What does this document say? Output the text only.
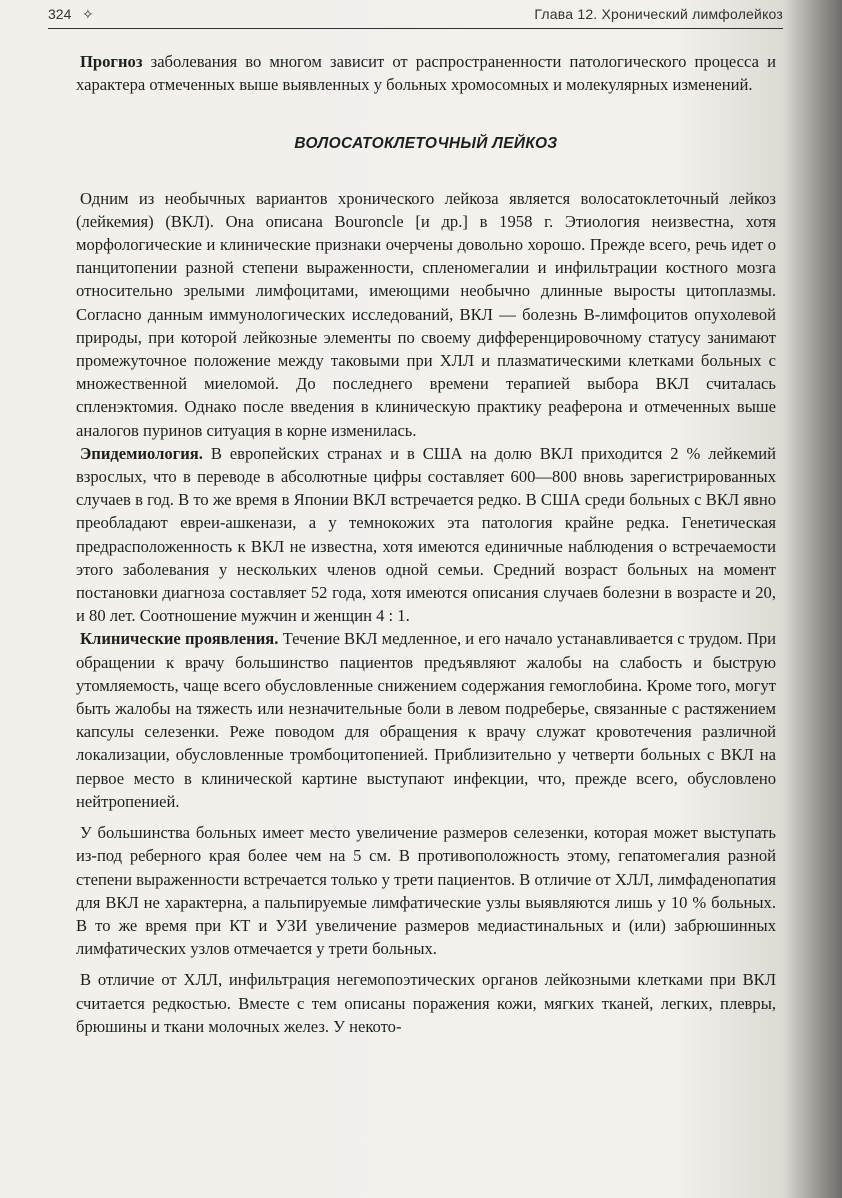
324 ✧	Глава 12. Хронический лимфолейкоз

Прогноз заболевания во многом зависит от распространенности патологического процесса и характера отмеченных выше выявленных у больных хромосомных и молекулярных изменений.

ВОЛОСАТОКЛЕТОЧНЫЙ ЛЕЙКОЗ

Одним из необычных вариантов хронического лейкоза является волосатоклеточный лейкоз (лейкемия) (ВКЛ). Она описана Bouroncle [и др.] в 1958 г. Этиология неизвестна, хотя морфологические и клинические признаки очерчены довольно хорошо. Прежде всего, речь идет о панцитопении разной степени выраженности, спленомегалии и инфильтрации костного мозга относительно зрелыми лимфоцитами, имеющими необычно длинные выросты цитоплазмы. Согласно данным иммунологических исследований, ВКЛ — болезнь В-лимфоцитов опухолевой природы, при которой лейкозные элементы по своему дифференцировочному статусу занимают промежуточное положение между таковыми при ХЛЛ и плазматическими клетками больных с множественной миеломой. До последнего времени терапией выбора ВКЛ считалась спленэктомия. Однако после введения в клиническую практику реаферона и отмеченных выше аналогов пуринов ситуация в корне изменилась.

Эпидемиология. В европейских странах и в США на долю ВКЛ приходится 2 % лейкемий взрослых, что в переводе в абсолютные цифры составляет 600—800 вновь зарегистрированных случаев в год. В то же время в Японии ВКЛ встречается редко. В США среди больных с ВКЛ явно преобладают евреи-ашкенази, а у темнокожих эта патология крайне редка. Генетическая предрасположенность к ВКЛ не известна, хотя имеются единичные наблюдения о встречаемости этого заболевания у нескольких членов одной семьи. Средний возраст больных на момент постановки диагноза составляет 52 года, хотя имеются описания случаев болезни в возрасте и 20, и 80 лет. Соотношение мужчин и женщин 4 : 1.

Клинические проявления. Течение ВКЛ медленное, и его начало устанавливается с трудом. При обращении к врачу большинство пациентов предъявляют жалобы на слабость и быструю утомляемость, чаще всего обусловленные снижением содержания гемоглобина. Кроме того, могут быть жалобы на тяжесть или незначительные боли в левом подреберье, связанные с растяжением капсулы селезенки. Реже поводом для обращения к врачу служат кровотечения различной локализации, обусловленные тромбоцитопенией. Приблизительно у четверти больных с ВКЛ на первое место в клинической картине выступают инфекции, что, прежде всего, обусловлено нейтропенией.

У большинства больных имеет место увеличение размеров селезенки, которая может выступать из-под реберного края более чем на 5 см. В противоположность этому, гепатомегалия разной степени выраженности встречается только у трети пациентов. В отличие от ХЛЛ, лимфаденопатия для ВКЛ не характерна, а пальпируемые лимфатические узлы выявляются лишь у 10 % больных. В то же время при КТ и УЗИ увеличение размеров медиастинальных и (или) забрюшинных лимфатических узлов отмечается у трети больных.

В отличие от ХЛЛ, инфильтрация негемопоэтических органов лейкозными клетками при ВКЛ считается редкостью. Вместе с тем описаны поражения кожи, мягких тканей, легких, плевры, брюшины и ткани молочных желез. У некото-
